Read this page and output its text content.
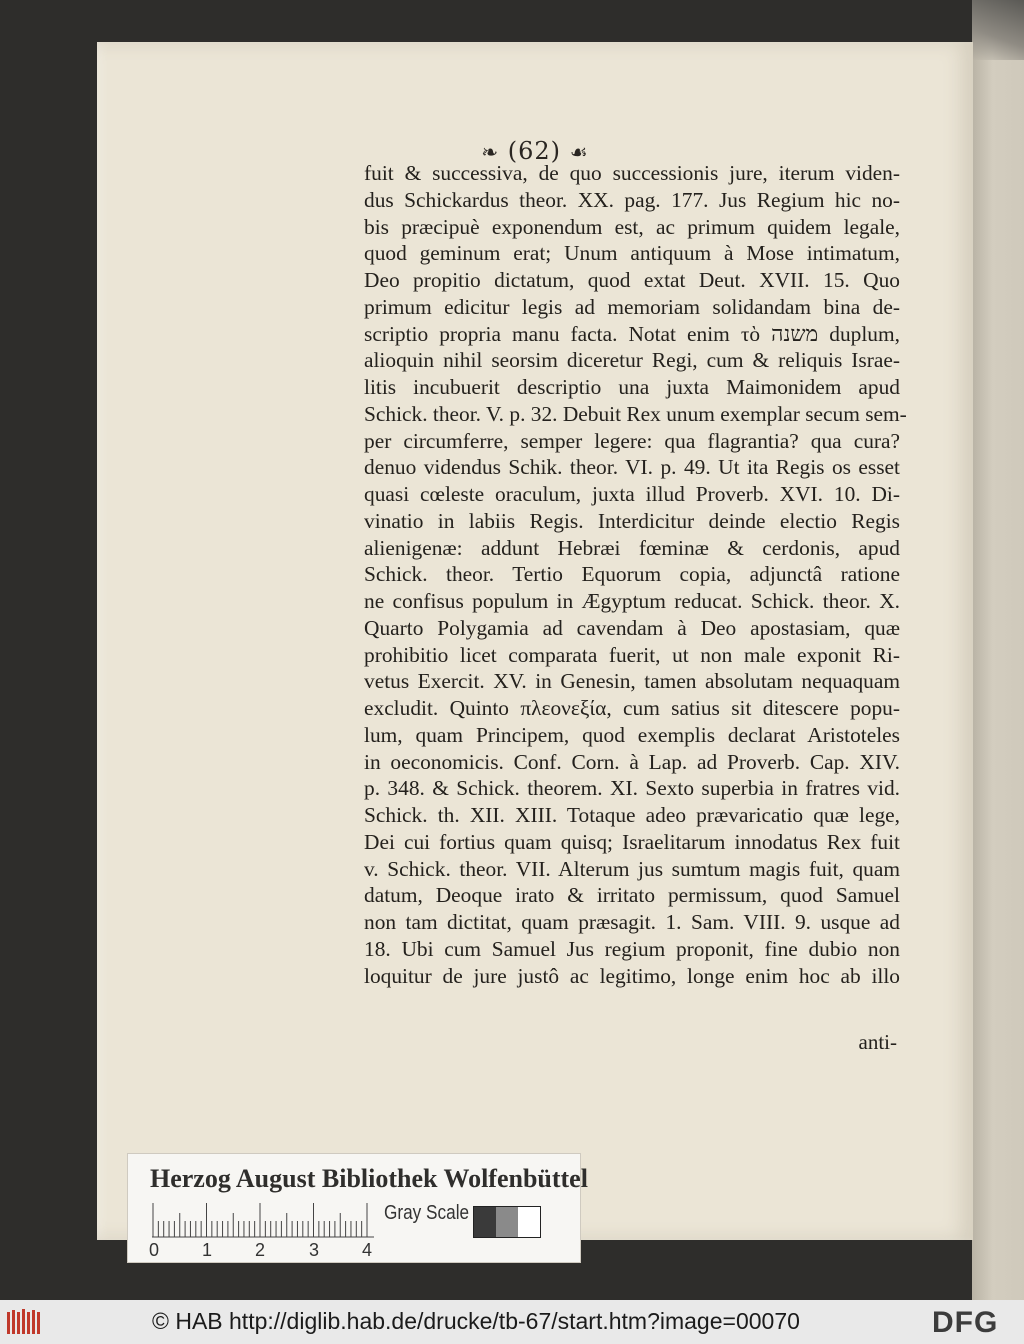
❧ (62) ☙
fuit & successiva, de quo successionis jure, iterum viden-
dus Schickardus theor. XX. pag. 177. Jus Regium hic no-
bis præcipuè exponendum est, ac primum quidem legale,
quod geminum erat; Unum antiquum à Mose intimatum,
Deo propitio dictatum, quod extat Deut. XVII. 15. Quo
primum edicitur legis ad memoriam solidandam bina de-
scriptio propria manu facta. Notat enim τὸ משנה duplum,
alioquin nihil seorsim diceretur Regi, cum & reliquis Israe-
litis incubuerit descriptio una juxta Maimonidem apud
Schick. theor. V. p. 32. Debuit Rex unum exemplar secum sem-
per circumferre, semper legere: qua flagrantia? qua cura?
denuo videndus Schik. theor. VI. p. 49. Ut ita Regis os esset
quasi cœleste oraculum, juxta illud Proverb. XVI. 10. Di-
vinatio in labiis Regis. Interdicitur deinde electio Regis
alienigenæ: addunt Hebræi fœminæ & cerdonis, apud
Schick. theor. Tertio Equorum copia, adjunctâ ratione
ne confisus populum in Ægyptum reducat. Schick. theor. X.
Quarto Polygamia ad cavendam à Deo apostasiam, quæ
prohibitio licet comparata fuerit, ut non male exponit Ri-
vetus Exercit. XV. in Genesin, tamen absolutam nequaquam
excludit. Quinto πλεονεξία, cum satius sit ditescere popu-
lum, quam Principem, quod exemplis declarat Aristoteles
in oeconomicis. Conf. Corn. à Lap. ad Proverb. Cap. XIV.
p. 348. & Schick. theorem. XI. Sexto superbia in fratres vid.
Schick. th. XII. XIII. Totaque adeo prævaricatio quæ lege,
Dei cui fortius quam quisq; Israelitarum innodatus Rex fuit
v. Schick. theor. VII. Alterum jus sumtum magis fuit, quam
datum, Deoque irato & irritato permissum, quod Samuel
non tam dictitat, quam præsagit. 1. Sam. VIII. 9. usque ad
18. Ubi cum Samuel Jus regium proponit, fine dubio non
loquitur de jure justô ac legitimo, longe enim hoc ab illo
anti-
Herzog August Bibliothek Wolfenbüttel
Gray Scale
0 1 2 3 4
© HAB http://diglib.hab.de/drucke/tb-67/start.htm?image=00070	DFG
